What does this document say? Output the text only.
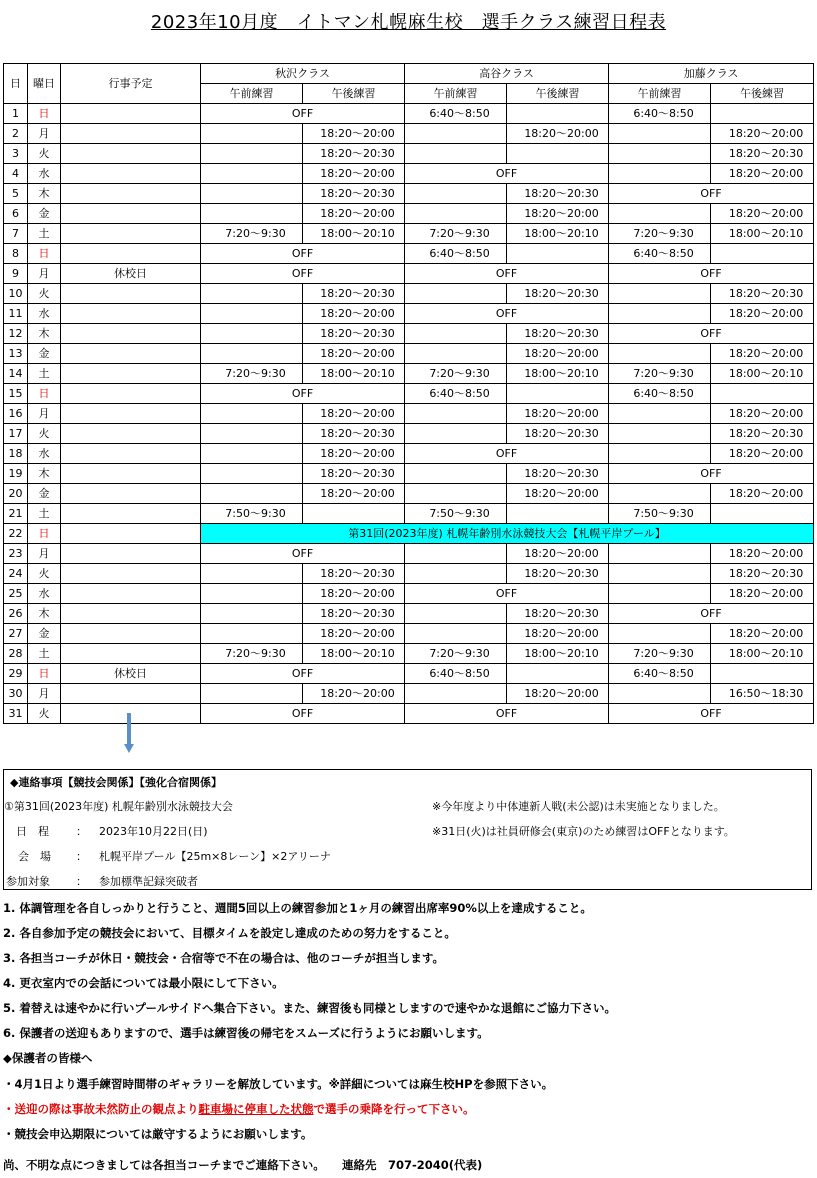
2023年10月度　イトマン札幌麻生校　選手クラス練習日程表
日	曜日	行事予定	秋沢クラス		高谷クラス		加藤クラス	
			午前練習	午後練習	午前練習	午後練習	午前練習	午後練習
1	日		OFF		6:40～8:50		6:40～8:50	
2	月			18:20～20:00		18:20～20:00		18:20～20:00
3	火			18:20～20:30				18:20～20:30
4	水			18:20～20:00	OFF			18:20～20:00
5	木			18:20～20:30		18:20～20:30	OFF	
6	金			18:20～20:00		18:20～20:00		18:20～20:00
7	土		7:20～9:30	18:00～20:10	7:20～9:30	18:00～20:10	7:20～9:30	18:00～20:10
8	日		OFF		6:40～8:50		6:40～8:50	
9	月	休校日	OFF		OFF		OFF	
10	火			18:20～20:30		18:20～20:30		18:20～20:30
11	水			18:20～20:00	OFF			18:20～20:00
12	木			18:20～20:30		18:20～20:30	OFF	
13	金			18:20～20:00		18:20～20:00		18:20～20:00
14	土		7:20～9:30	18:00～20:10	7:20～9:30	18:00～20:10	7:20～9:30	18:00～20:10
15	日		OFF		6:40～8:50		6:40～8:50	
16	月			18:20～20:00		18:20～20:00		18:20～20:00
17	火			18:20～20:30		18:20～20:30		18:20～20:30
18	水			18:20～20:00	OFF			18:20～20:00
19	木			18:20～20:30		18:20～20:30	OFF	
20	金			18:20～20:00		18:20～20:00		18:20～20:00
21	土		7:50～9:30		7:50～9:30		7:50～9:30	
22	日		第31回(2023年度) 札幌年齢別水泳競技大会【札幌平岸プール】					
23	月		OFF			18:20～20:00		18:20～20:00
24	火			18:20～20:30		18:20～20:30		18:20～20:30
25	水			18:20～20:00	OFF			18:20～20:00
26	木			18:20～20:30		18:20～20:30	OFF	
27	金			18:20～20:00		18:20～20:00		18:20～20:00
28	土		7:20～9:30	18:00～20:10	7:20～9:30	18:00～20:10	7:20～9:30	18:00～20:10
29	日	休校日	OFF		6:40～8:50		6:40～8:50	
30	月			18:20～20:00		18:20～20:00		16:50～18:30
31	火		OFF		OFF		OFF	
◆連絡事項【競技会関係】【強化合宿関係】
①第31回(2023年度) 札幌年齢別水泳競技大会
日　程 ： 2023年10月22日(日)
会　場 ： 札幌平岸プール【25m×8レーン】×2アリーナ
参加対象 ： 参加標準記録突破者
※今年度より中体連新人戦(未公認)は未実施となりました。
※31日(火)は社員研修会(東京)のため練習はOFFとなります。
1. 体調管理を各自しっかりと行うこと、週間5回以上の練習参加と1ヶ月の練習出席率90%以上を達成すること。
2. 各自参加予定の競技会において、目標タイムを設定し達成のための努力をすること。
3. 各担当コーチが休日・競技会・合宿等で不在の場合は、他のコーチが担当します。
4. 更衣室内での会話については最小限にして下さい。
5. 着替えは速やかに行いプールサイドへ集合下さい。また、練習後も同様としますので速やかな退館にご協力下さい。
6. 保護者の送迎もありますので、選手は練習後の帰宅をスムーズに行うようにお願いします。
◆保護者の皆様へ
・4月1日より選手練習時間帯のギャラリーを解放しています。※詳細については麻生校HPを参照下さい。
・送迎の際は事故未然防止の観点より駐車場に停車した状態で選手の乗降を行って下さい。
・競技会申込期限については厳守するようにお願いします。
尚、不明な点につきましては各担当コーチまでご連絡下さい。　　連絡先　707-2040(代表)
